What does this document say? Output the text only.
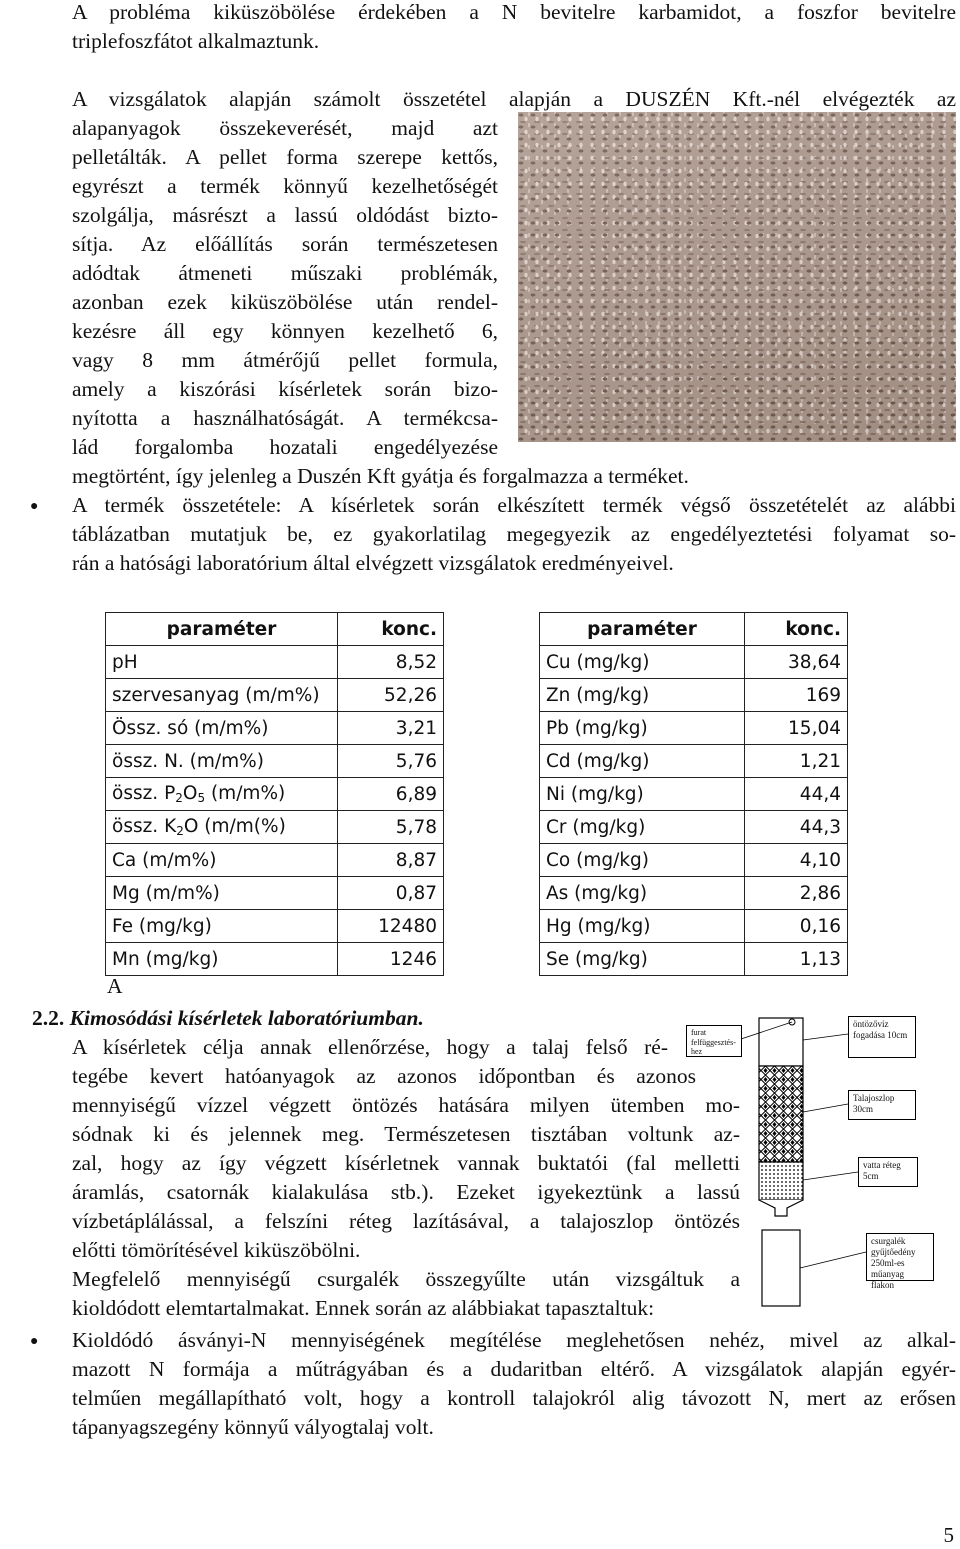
A probléma kiküszöbölése érdekében a N bevitelre karbamidot, a foszfor bevitelre

triplefoszfátot alkalmaztunk.

A vizsgálatok alapján számolt összetétel alapján a DUSZÉN Kft.-nél elvégezték az

alapanyagok összekeverését, majd azt

pelletálták. A pellet forma szerepe kettős,

egyrészt a termék könnyű kezelhetőségét

szolgálja, másrészt a lassú oldódást bizto-

sítja. Az előállítás során természetesen

adódtak átmeneti műszaki problémák,

azonban ezek kiküszöbölése után rendel-

kezésre áll egy könnyen kezelhető 6,

vagy 8 mm átmérőjű pellet formula,

amely a kiszórási kísérletek során bizo-

nyította a használhatóságát. A termékcsa-

lád forgalomba hozatali engedélyezése

megtörtént, így jelenleg a Duszén Kft gyátja és forgalmazza a terméket.

● A termék összetétele: A kísérletek során elkészített termék végső összetételét az alábbi

táblázatban mutatjuk be, ez gyakorlatilag megegyezik az engedélyeztetési folyamat so-

rán a hatósági laboratórium által elvégzett vizsgálatok eredményeivel.

paraméter	konc.
pH	8,52
szervesanyag (m/m%)	52,26
Össz. só (m/m%)	3,21
össz. N. (m/m%)	5,76
össz. $P_2O_5$ (m/m%)	6,89
össz. $K_2O$ (m/m(%)	5,78
Ca (m/m%)	8,87
Mg (m/m%)	0,87
Fe (mg/kg)	12480
Mn (mg/kg)	1246
paraméter	konc.
Cu (mg/kg)	38,64
Zn (mg/kg)	169
Pb (mg/kg)	15,04
Cd (mg/kg)	1,21
Ni (mg/kg)	44,4
Cr (mg/kg)	44,3
Co (mg/kg)	4,10
As (mg/kg)	2,86
Hg (mg/kg)	0,16
Se (mg/kg)	1,13

A

2.2. Kimosódási kísérletek laboratóriumban.

A kísérletek célja annak ellenőrzése, hogy a talaj felső ré-

tegébe kevert hatóanyagok az azonos időpontban és azonos

mennyiségű vízzel végzett öntözés hatására milyen ütemben mo-

sódnak ki és jelennek meg. Természetesen tisztában voltunk az-

zal, hogy az így végzett kísérletnek vannak buktatói (fal melletti

áramlás, csatornák kialakulása stb.). Ezeket igyekeztünk a lassú

vízbetáplálással, a felszíni réteg lazításával, a talajoszlop öntözés

előtti tömörítésével kiküszöbölni.

Megfelelő mennyiségű csurgalék összegyűlte után vizsgáltuk a

kioldódott elemtartalmakat. Ennek során az alábbiakat tapasztaltuk:

furat felfüggesztés-hez
öntözővíz fogadása 10cm
Talajoszlop 30cm
vatta réteg 5cm
csurgalék gyűjtőedény 250ml-es műanyag flakon
● Kioldódó ásványi-N mennyiségének megítélése meglehetősen nehéz, mivel az alkal-

mazott N formája a műtrágyában és a dudaritban eltérő. A vizsgálatok alapján egyér-

telműen megállapítható volt, hogy a kontroll talajokról alig távozott N, mert az erősen

tápanyagszegény könnyű vályogtalaj volt.

5
